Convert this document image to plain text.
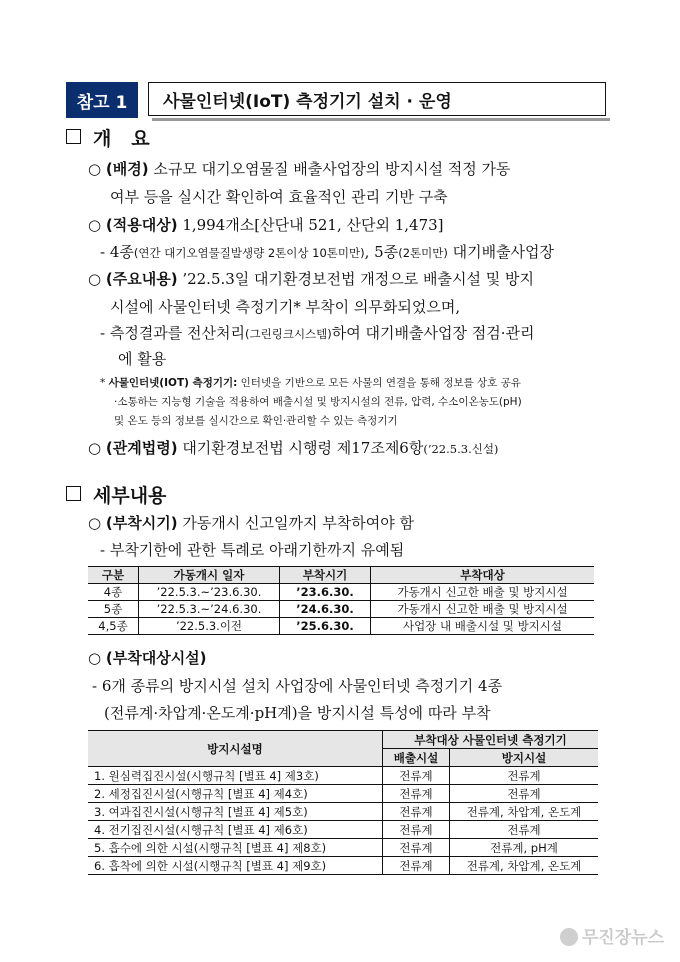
참고 1	사물인터넷(IoT) 측정기기 설치 · 운영
개   요
○ (배경) 소규모 대기오염물질 배출사업장의 방지시설 적정 가동
여부 등을 실시간 확인하여 효율적인 관리 기반 구축
○ (적용대상) 1,994개소[산단내 521, 산단외 1,473]
- 4종(연간 대기오염물질발생량 2톤이상 10톤미만), 5종(2톤미만) 대기배출사업장
○ (주요내용) ’22.5.3일 대기환경보전법 개정으로 배출시설 및 방지
시설에 사물인터넷 측정기기* 부착이 의무화되었으며,
- 측정결과를 전산처리(그린링크시스템)하여 대기배출사업장 점검·관리
에 활용
* 사물인터넷(IOT) 측정기기: 인터넷을 기반으로 모든 사물의 연결을 통해 정보를 상호 공유
·소통하는 지능형 기술을 적용하여 배출시설 및 방지시설의 전류, 압력, 수소이온농도(pH)
및 온도 등의 정보를 실시간으로 확인·관리할 수 있는 측정기기
○ (관계법령) 대기환경보전법 시행령 제17조제6항(’22.5.3.신설)
세부내용
○ (부착시기) 가동개시 신고일까지 부착하여야 함
- 부착기한에 관한 특례로 아래기한까지 유예됨
구분	가동개시 일자	부착시기	부착대상
4종	’22.5.3.~’23.6.30.	’23.6.30.	가동개시 신고한 배출 및 방지시설
5종	’22.5.3.~’24.6.30.	’24.6.30.	가동개시 신고한 배출 및 방지시설
4,5종	’22.5.3.이전	’25.6.30.	사업장 내 배출시설 및 방지시설
○ (부착대상시설)
- 6개 종류의 방지시설 설치 사업장에 사물인터넷 측정기기 4종
(전류계·차압계·온도계·pH계)을 방지시설 특성에 따라 부착
방지시설명	부착대상 사물인터넷 측정기기	
	배출시설	방지시설
1. 원심력집진시설(시행규칙 [별표 4] 제3호)	전류계	전류계
2. 세정집진시설(시행규칙 [별표 4] 제4호)	전류계	전류계
3. 여과집진시설(시행규칙 [별표 4] 제5호)	전류계	전류계, 차압계, 온도계
4. 전기집진시설(시행규칙 [별표 4] 제6호)	전류계	전류계
5. 흡수에 의한 시설(시행규칙 [별표 4] 제8호)	전류계	전류계, pH계
6. 흡착에 의한 시설(시행규칙 [별표 4] 제9호)	전류계	전류계, 차압계, 온도계
무진장뉴스
